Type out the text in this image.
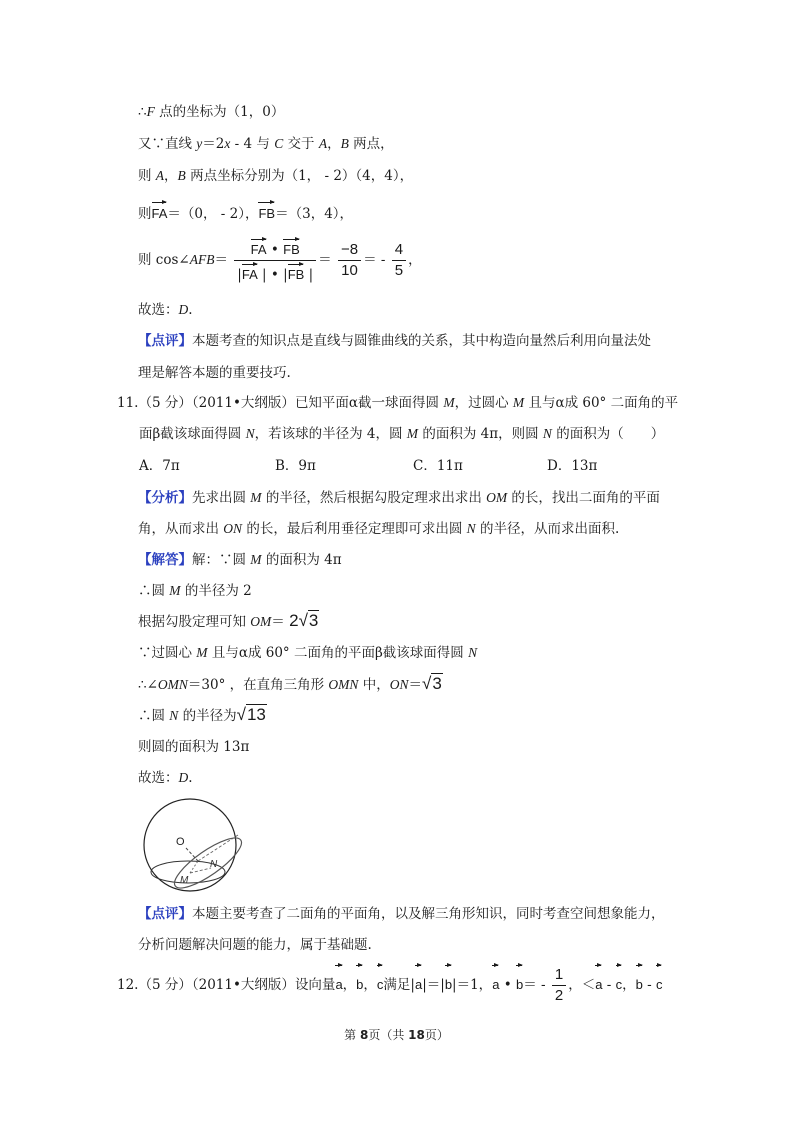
∴F 点的坐标为（1，0）
又∵直线 y＝2x - 4 与 C 交于 A，B 两点，
则 A，B 两点坐标分别为（1， - 2）（4，4），
则FA＝（0， - 2），FB＝（3，4），
则 cos∠AFB＝ $\frac{FA • FB}{|FA | • |FB |} = \frac{-8}{10}$ ＝ - $\frac{4}{5}$ ，
故选：D.
【点评】本题考查的知识点是直线与圆锥曲线的关系，其中构造向量然后利用向量法处
理是解答本题的重要技巧.
11.（5 分）（2011•大纲版）已知平面α截一球面得圆 M，过圆心 M 且与α成 60° 二面角的平
面β截该球面得圆 N，若该球的半径为 4，圆 M 的面积为 4π，则圆 N 的面积为（　　）
A．7π	B．9π	C．11π	D．13π
【分析】先求出圆 M 的半径，然后根据勾股定理求出求出 OM 的长，找出二面角的平面
角，从而求出 ON 的长，最后利用垂径定理即可求出圆 N 的半径，从而求出面积.
【解答】解：∵圆 M 的面积为 4π
∴圆 M 的半径为 2
根据勾股定理可知 OM＝ 2√3
∵过圆心 M 且与α成 60° 二面角的平面β截该球面得圆 N
∴∠OMN＝30° ，在直角三角形 OMN 中，ON＝√3
∴圆 N 的半径为√13
则圆的面积为 13π
故选：D.
O
M
N
【点评】本题主要考查了二面角的平面角，以及解三角形知识，同时考查空间想象能力，
分析问题解决问题的能力，属于基础题.
12.（5 分）（2011•大纲版）设向量a，b，c满足|a|＝|b|＝1，a • $b= - \frac{1}{2}$ ，＜a - c，b - c
第 8页（共 18页）
